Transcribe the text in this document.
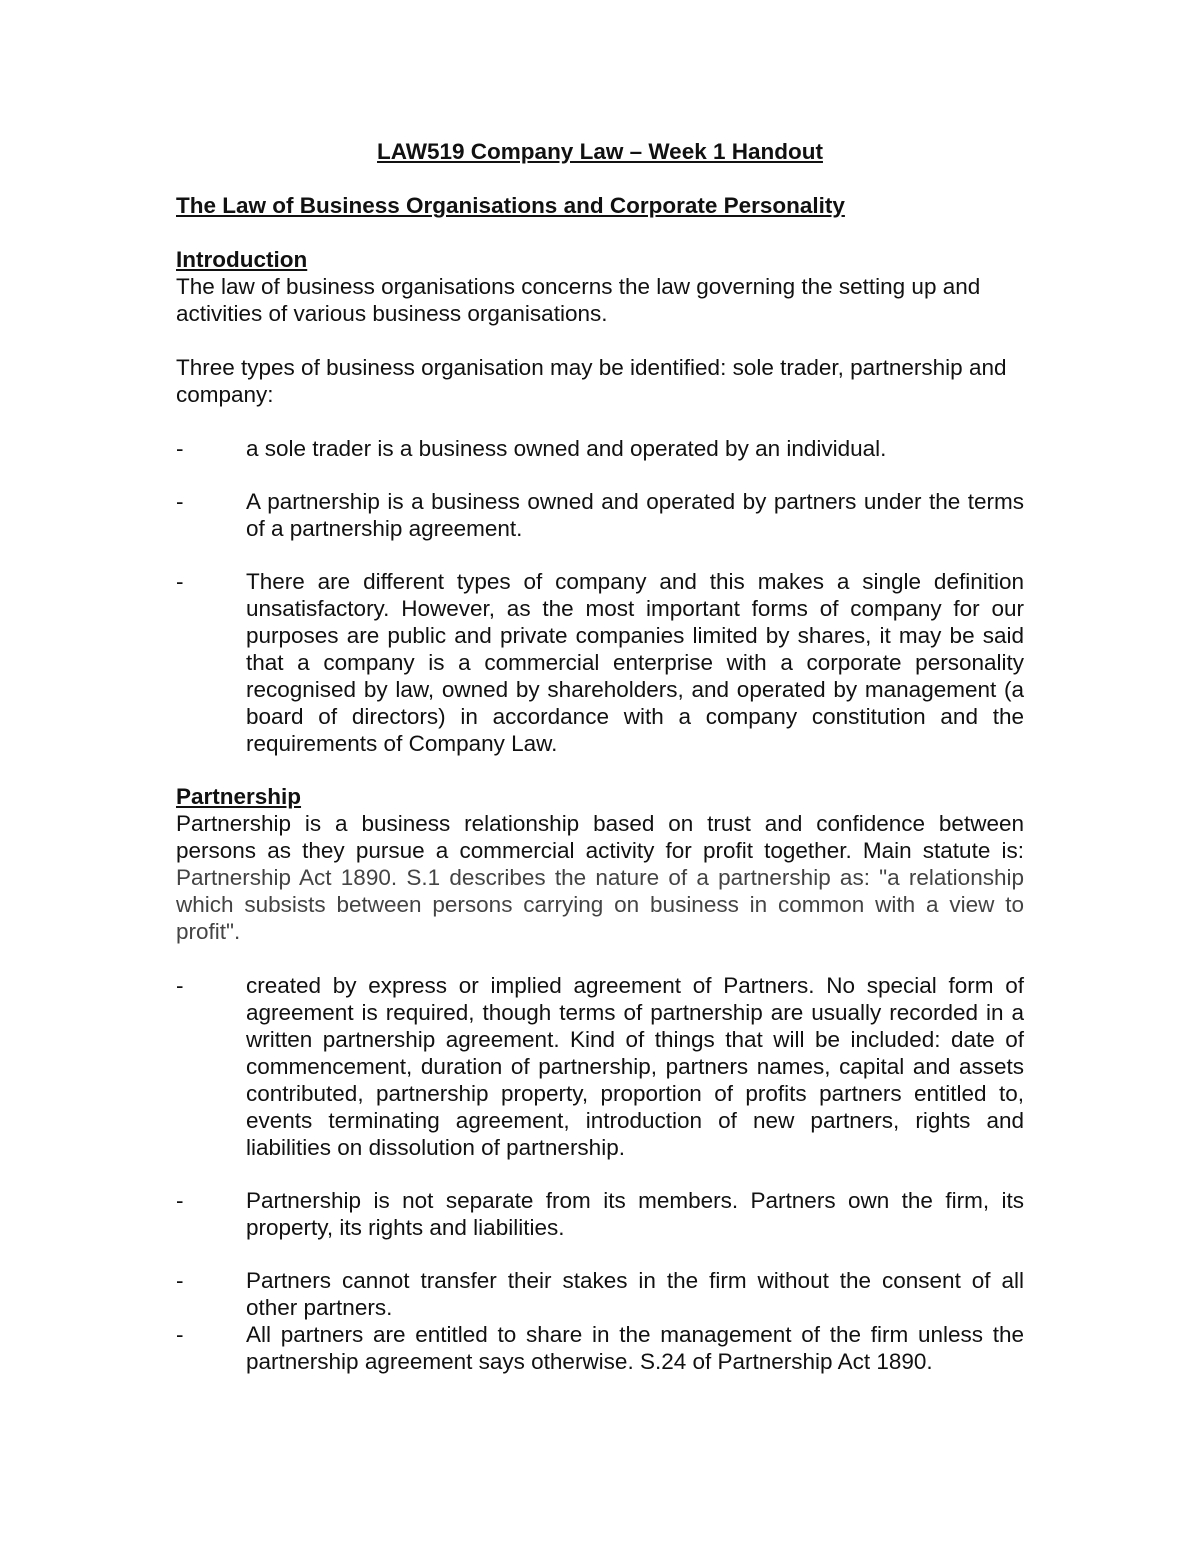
LAW519 Company Law – Week 1 Handout

The Law of Business Organisations and Corporate Personality

Introduction

The law of business organisations concerns the law governing the setting up and activities of various business organisations.

Three types of business organisation may be identified: sole trader, partnership and company:

-	a sole trader is a business owned and operated by an individual.
-	A partnership is a business owned and operated by partners under the terms of a partnership agreement.
-	There are different types of company and this makes a single definition unsatisfactory. However, as the most important forms of company for our purposes are public and private companies limited by shares, it may be said that a company is a commercial enterprise with a corporate personality recognised by law, owned by shareholders, and operated by management (a board of directors) in accordance with a company constitution and the requirements of Company Law.

Partnership

Partnership is a business relationship based on trust and confidence between persons as they pursue a commercial activity for profit together. Main statute is: Partnership Act 1890. S.1 describes the nature of a partnership as: "a relationship which subsists between persons carrying on business in common with a view to profit".

-	created by express or implied agreement of Partners. No special form of agreement is required, though terms of partnership are usually recorded in a written partnership agreement. Kind of things that will be included: date of commencement, duration of partnership, partners names, capital and assets contributed, partnership property, proportion of profits partners entitled to, events terminating agreement, introduction of new partners, rights and liabilities on dissolution of partnership.
-	Partnership is not separate from its members. Partners own the firm, its property, its rights and liabilities.
-	Partners cannot transfer their stakes in the firm without the consent of all other partners.
-	All partners are entitled to share in the management of the firm unless the partnership agreement says otherwise. S.24 of Partnership Act 1890.
